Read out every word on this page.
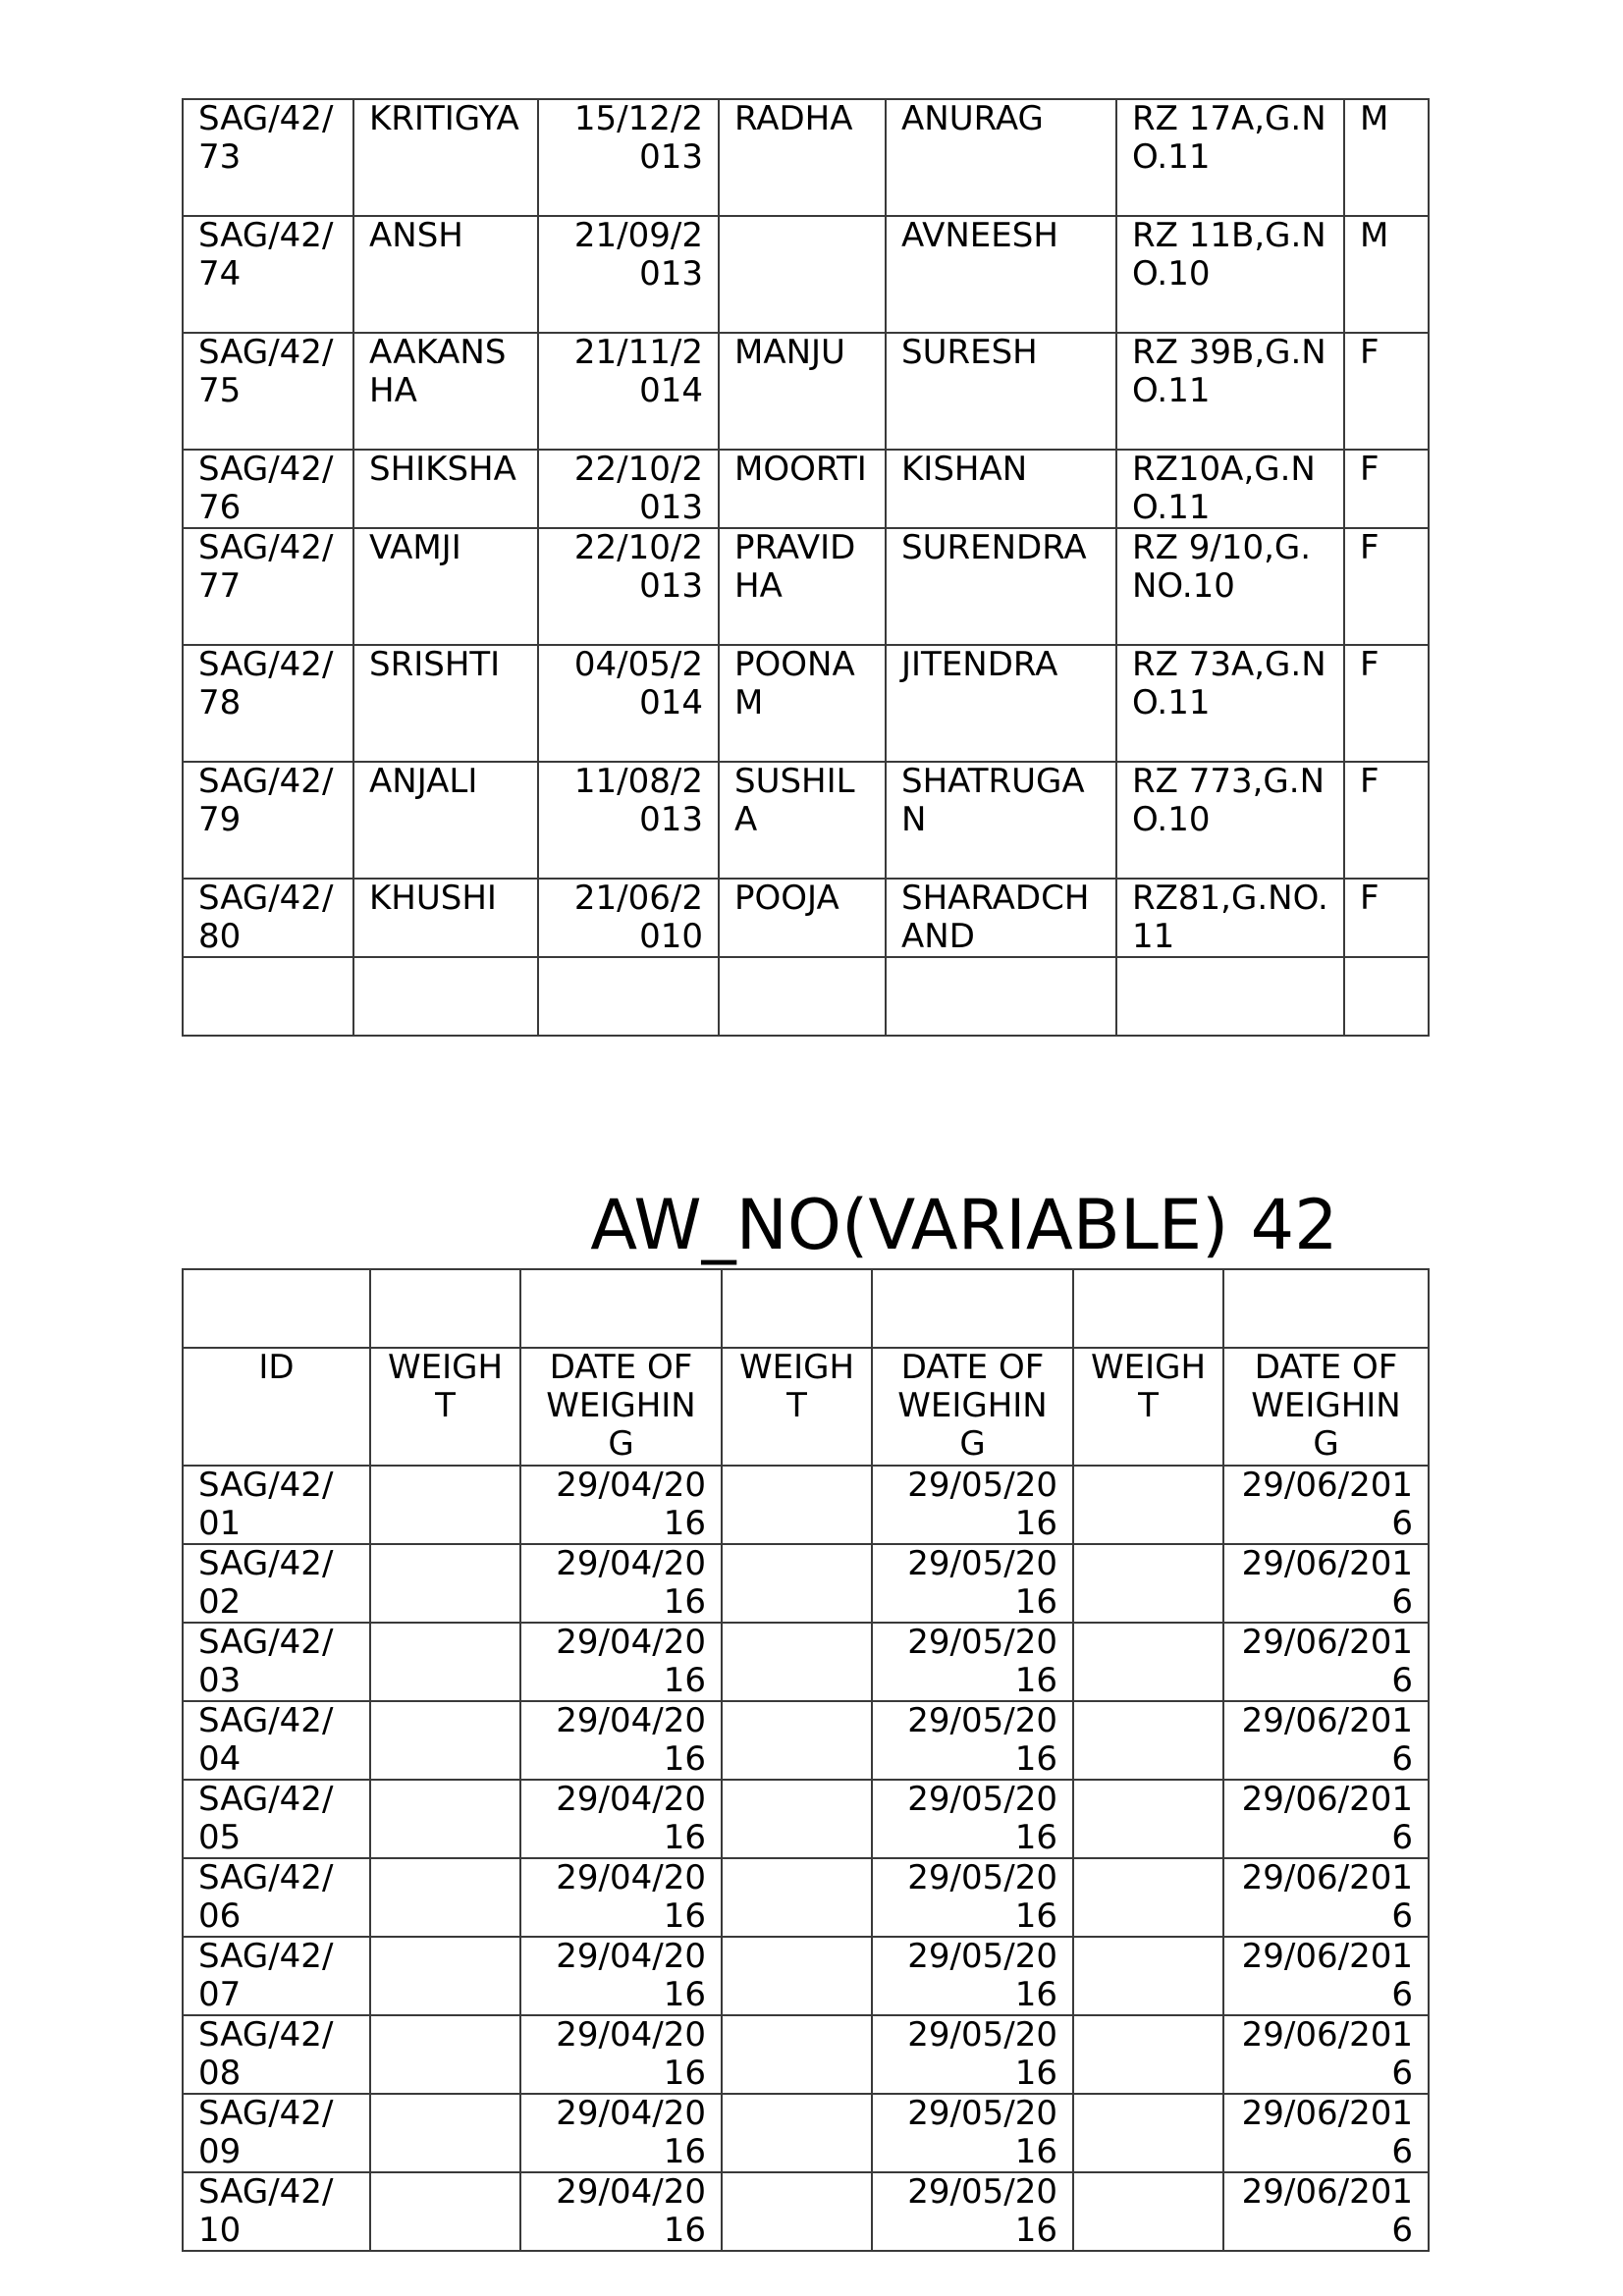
SAG/42/73	KRITIGYA	15/12/2013	RADHA	ANURAG	RZ 17A,G.NO.11	M
SAG/42/74	ANSH	21/09/2013		AVNEESH	RZ 11B,G.NO.10	M
SAG/42/75	AAKANSHA	21/11/2014	MANJU	SURESH	RZ 39B,G.NO.11	F
SAG/42/76	SHIKSHA	22/10/2013	MOORTI	KISHAN	RZ10A,G.NO.11	F
SAG/42/77	VAMJI	22/10/2013	PRAVIDHA	SURENDRA	RZ 9/10,G.NO.10	F
SAG/42/78	SRISHTI	04/05/2014	POONAM	JITENDRA	RZ 73A,G.NO.11	F
SAG/42/79	ANJALI	11/08/2013	SUSHILA	SHATRUGAN	RZ 773,G.NO.10	F
SAG/42/80	KHUSHI	21/06/2010	POOJA	SHARADCHAND	RZ81,G.NO.11	F

AW_NO(VARIABLE) 42

ID	WEIGHT	DATE OF WEIGHING	WEIGHT	DATE OF WEIGHING	WEIGHT	DATE OF WEIGHING
SAG/42/01		29/04/2016		29/05/2016		29/06/2016
SAG/42/02		29/04/2016		29/05/2016		29/06/2016
SAG/42/03		29/04/2016		29/05/2016		29/06/2016
SAG/42/04		29/04/2016		29/05/2016		29/06/2016
SAG/42/05		29/04/2016		29/05/2016		29/06/2016
SAG/42/06		29/04/2016		29/05/2016		29/06/2016
SAG/42/07		29/04/2016		29/05/2016		29/06/2016
SAG/42/08		29/04/2016		29/05/2016		29/06/2016
SAG/42/09		29/04/2016		29/05/2016		29/06/2016
SAG/42/10		29/04/2016		29/05/2016		29/06/2016
